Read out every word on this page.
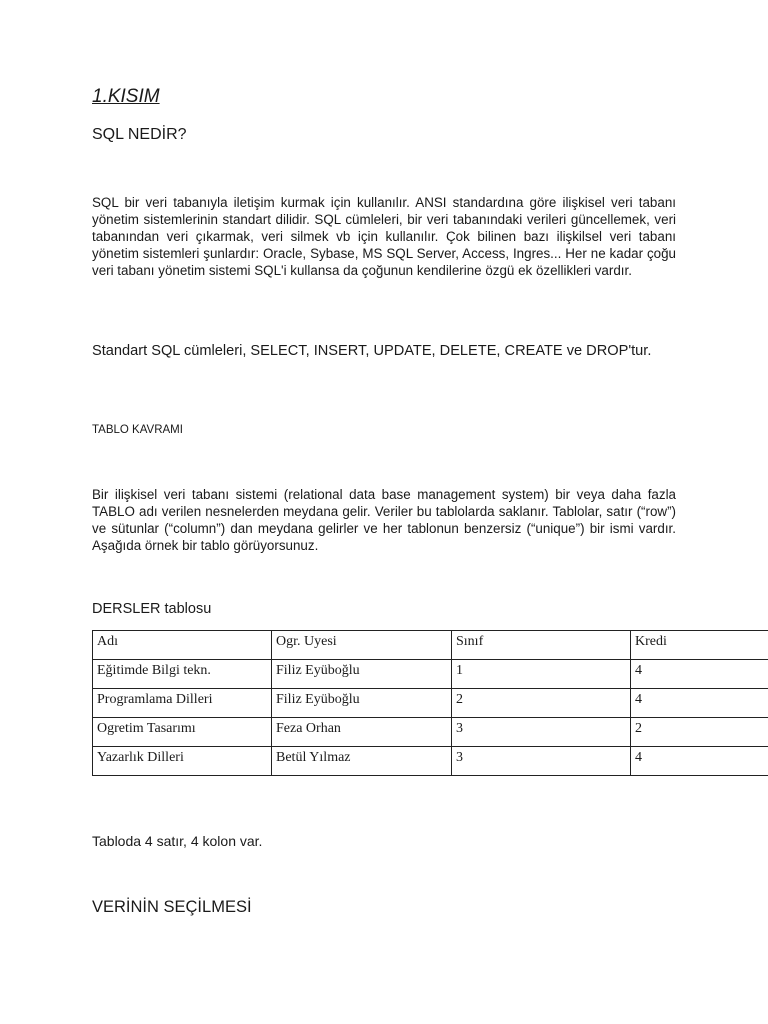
1.KISIM
SQL NEDİR?

SQL bir veri tabanıyla iletişim kurmak için kullanılır. ANSI standardına göre ilişkisel veri tabanı yönetim sistemlerinin standart dilidir. SQL cümleleri, bir veri tabanındaki verileri güncellemek, veri tabanından veri çıkarmak, veri silmek vb için kullanılır. Çok bilinen bazı ilişkilsel veri tabanı yönetim sistemleri şunlardır: Oracle, Sybase, MS SQL Server, Access, Ingres... Her ne kadar çoğu veri tabanı yönetim sistemi SQL'i kullansa da çoğunun kendilerine özgü ek özellikleri vardır.

Standart SQL cümleleri, SELECT, INSERT, UPDATE, DELETE, CREATE ve DROP'tur.

TABLO KAVRAMI

Bir ilişkisel veri tabanı sistemi (relational data base management system) bir veya daha fazla TABLO adı verilen nesnelerden meydana gelir. Veriler bu tablolarda saklanır. Tablolar, satır (“row”) ve sütunlar (“column”) dan meydana gelirler ve her tablonun benzersiz (“unique”) bir ismi vardır. Aşağıda örnek bir tablo görüyorsunuz.

DERSLER tablosu

Adı	Ogr. Uyesi	Sınıf	Kredi
Eğitimde Bilgi tekn.	Filiz Eyüboğlu	1	4
Programlama Dilleri	Filiz Eyüboğlu	2	4
Ogretim Tasarımı	Feza Orhan	3	2
Yazarlık Dilleri	Betül Yılmaz	3	4

Tabloda 4 satır, 4 kolon var.

VERİNİN SEÇİLMESİ
